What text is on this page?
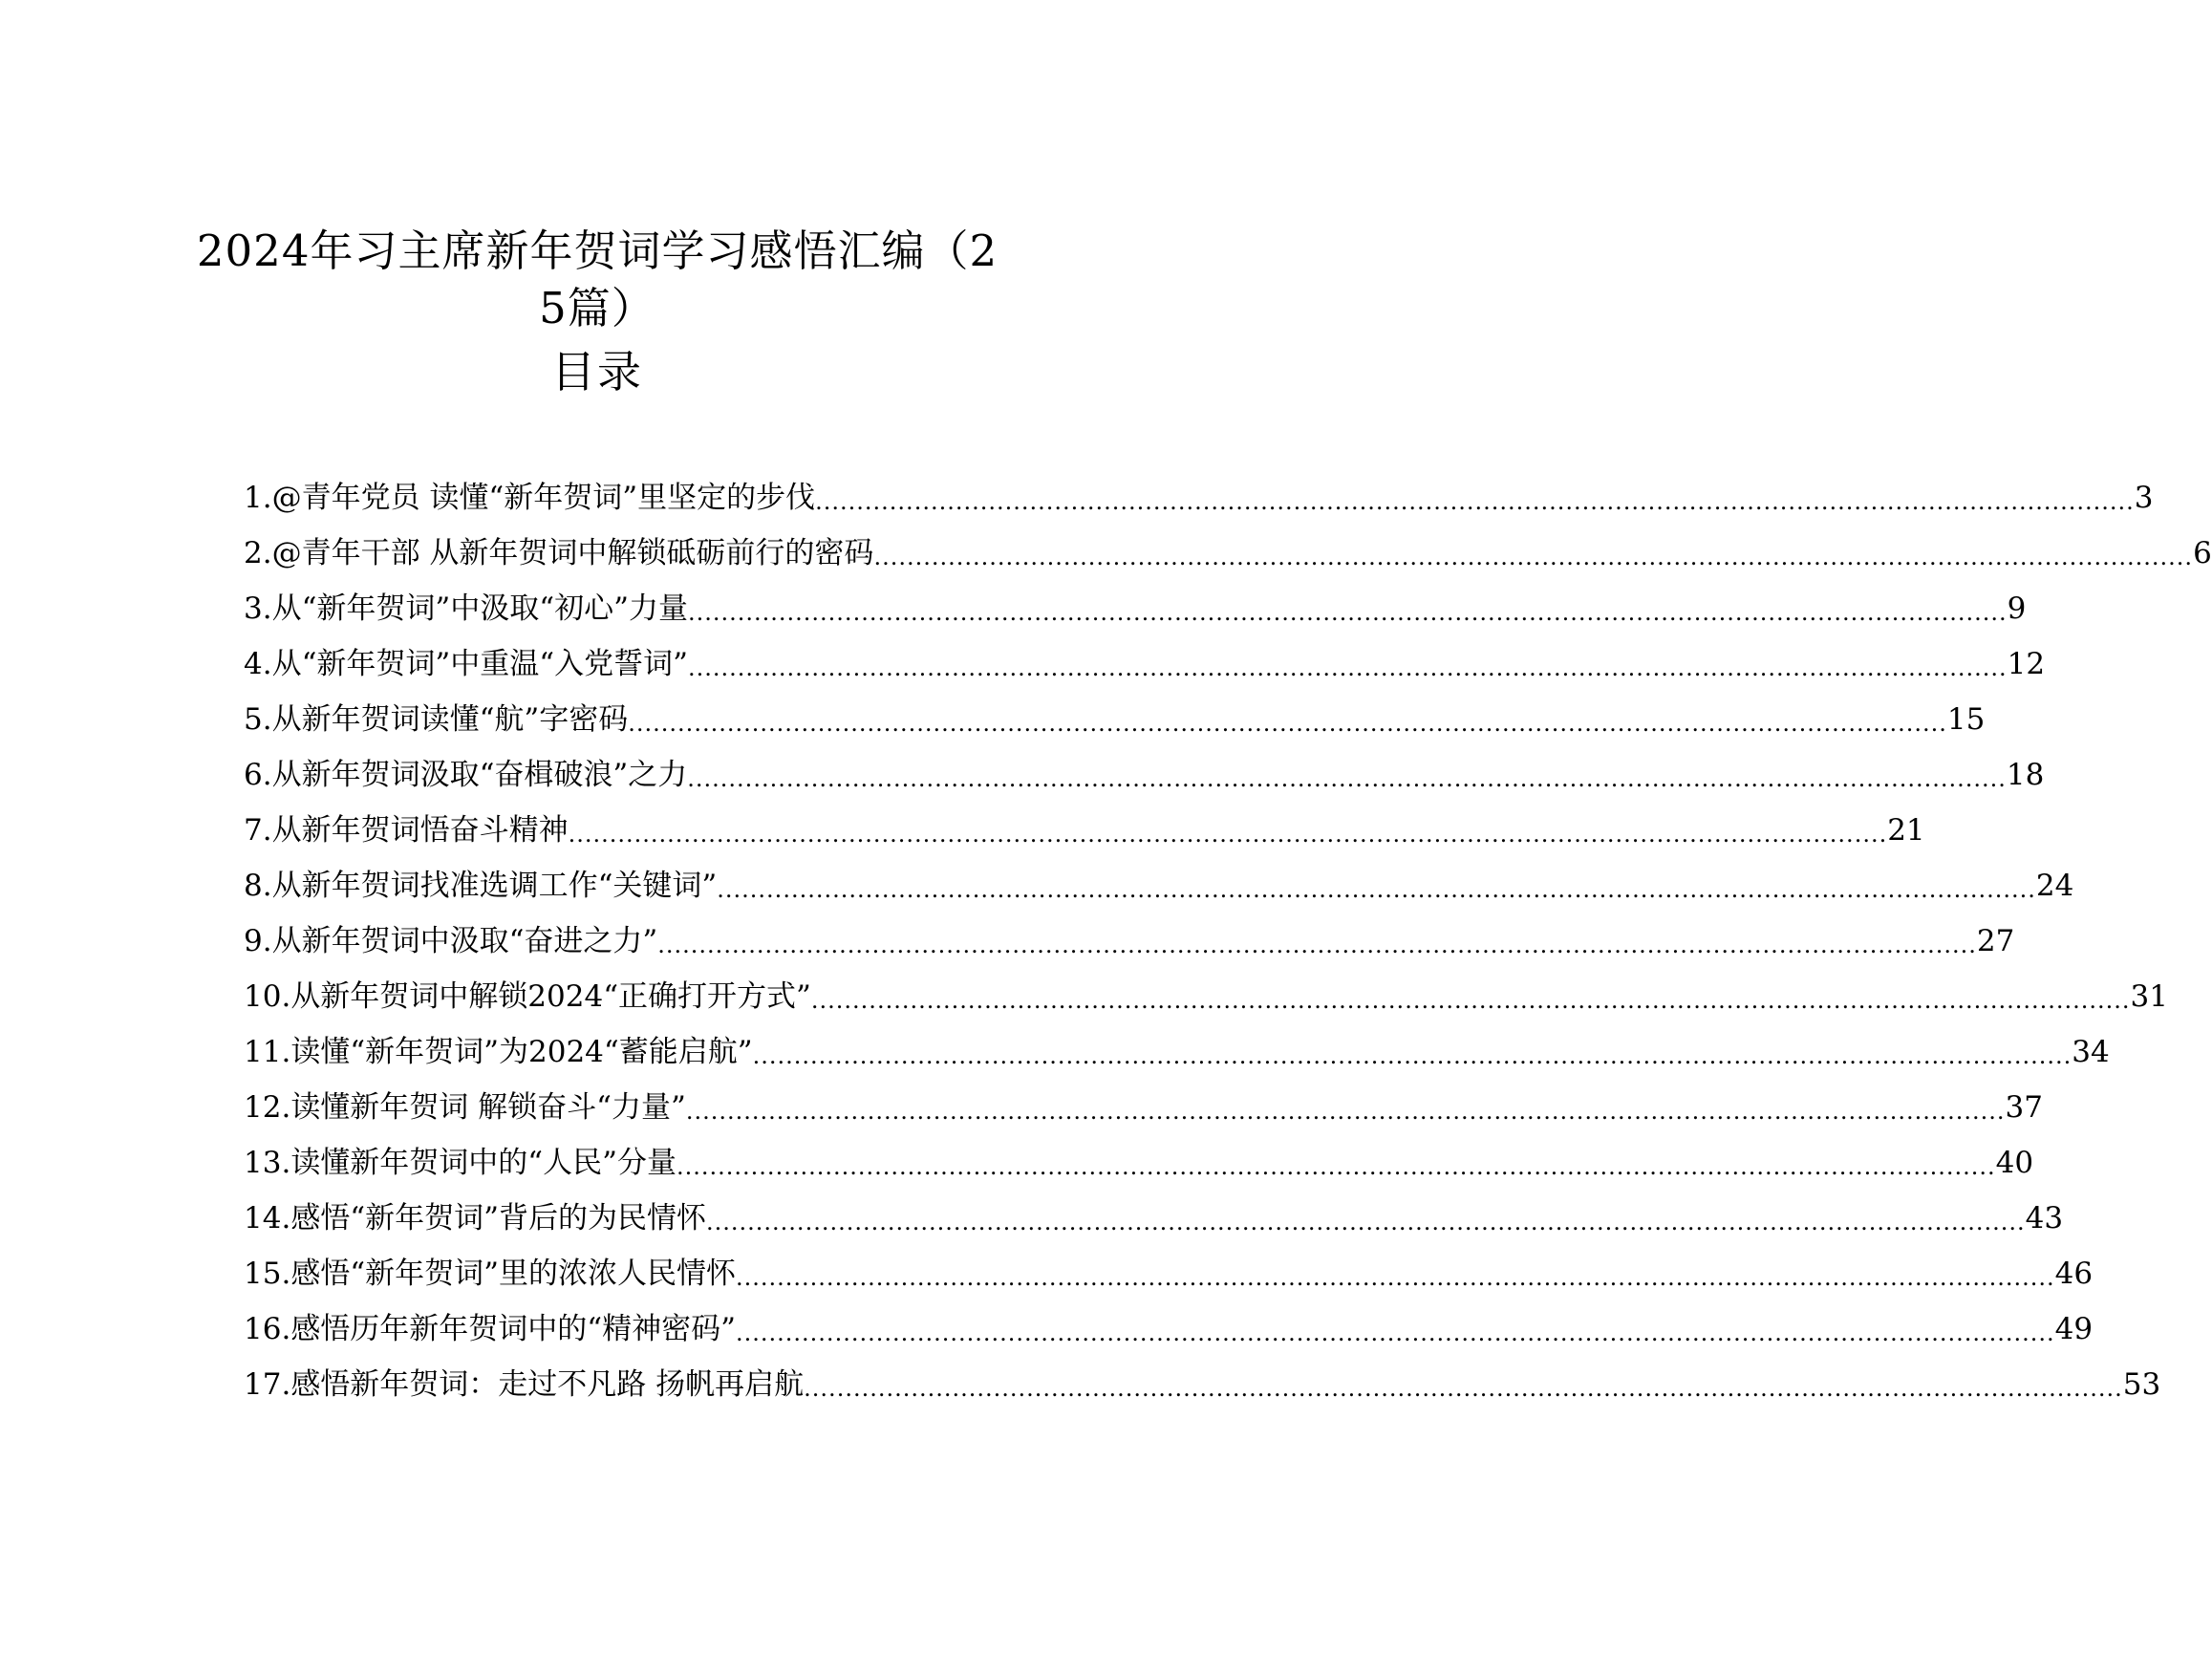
2024年习主席新年贺词学习感悟汇编（2
5篇）
目录
1. @青年党员 读懂“新年贺词”里坚定的步伐 .....	3
2. @青年干部 从新年贺词中解锁砥砺前行的密码 .....	6
3. 从“新年贺词”中汲取“初心”力量 .....	9
4. 从“新年贺词”中重温“入党誓词” .....	12
5. 从新年贺词读懂“航”字密码 .....	15
6. 从新年贺词汲取“奋楫破浪”之力 .....	18
7. 从新年贺词悟奋斗精神 .....	21
8. 从新年贺词找准选调工作“关键词” .....	24
9. 从新年贺词中汲取“奋进之力” .....	27
10. 从新年贺词中解锁2024“正确打开方式” .....	31
11. 读懂“新年贺词”为2024“蓄能启航” .....	34
12. 读懂新年贺词 解锁奋斗“力量” .....	37
13. 读懂新年贺词中的“人民”分量 .....	40
14. 感悟“新年贺词”背后的为民情怀 .....	43
15. 感悟“新年贺词”里的浓浓人民情怀 .....	46
16. 感悟历年新年贺词中的“精神密码” .....	49
17. 感悟新年贺词：走过不凡路 扬帆再启航 .....	53
